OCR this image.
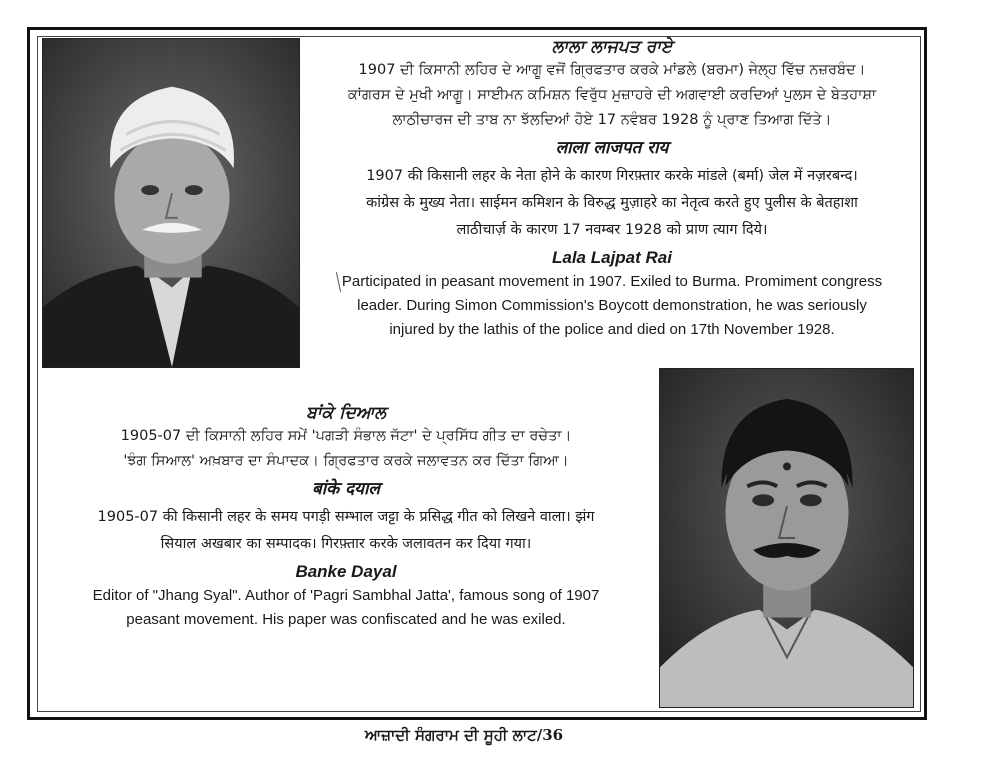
ਲਾਲਾ ਲਾਜਪਤ ਰਾਏ

1907 ਦੀ ਕਿਸਾਨੀ ਲਹਿਰ ਦੇ ਆਗੂ ਵਜੋਂ ਗ੍ਰਿਫਤਾਰ ਕਰਕੇ ਮਾਂਡਲੇ (ਬਰਮਾ) ਜੇਲ੍ਹ ਵਿੱਚ ਨਜ਼ਰਬੰਦ।

ਕਾਂਗਰਸ ਦੇ ਮੁਖੀ ਆਗੂ। ਸਾਈਮਨ ਕਮਿਸ਼ਨ ਵਿਰੁੱਧ ਮੁਜ਼ਾਹਰੇ ਦੀ ਅਗਵਾਈ ਕਰਦਿਆਂ ਪੁਲਸ ਦੇ ਬੇਤਹਾਸ਼ਾ

ਲਾਠੀਚਾਰਜ ਦੀ ਤਾਬ ਨਾ ਝੱਲਦਿਆਂ ਹੋਏ 17 ਨਵੰਬਰ 1928 ਨੂੰ ਪ੍ਰਾਣ ਤਿਆਗ ਦਿੱਤੇ।

लाला लाजपत राय

1907 की किसानी लहर के नेता होने के कारण गिरफ़्तार करके मांडले (बर्मा) जेल में नज़रबन्द।

कांग्रेस के मुख्य नेता। साईमन कमिशन के विरुद्ध मुज़ाहरे का नेतृत्व करते हुए पुलीस के बेतहाशा

लाठीचार्ज़ के कारण 17 नवम्बर 1928 को प्राण त्याग दिये।

Lala Lajpat Rai

Participated in peasant movement in 1907. Exiled to Burma. Promiment congress

leader. During Simon Commission's Boycott demonstration, he was seriously

injured by the lathis of the police and died on 17th November 1928.

ਬਾਂਕੇ ਦਿਆਲ

1905-07 ਦੀ ਕਿਸਾਨੀ ਲਹਿਰ ਸਮੇਂ 'ਪਗੜੀ ਸੰਭਾਲ ਜੱਟਾ' ਦੇ ਪ੍ਰਸਿੱਧ ਗੀਤ ਦਾ ਰਚੇਤਾ।

'ਝੰਗ ਸਿਆਲ' ਅਖ਼ਬਾਰ ਦਾ ਸੰਪਾਦਕ। ਗ੍ਰਿਫਤਾਰ ਕਰਕੇ ਜਲਾਵਤਨ ਕਰ ਦਿੱਤਾ ਗਿਆ।

बांके दयाल

1905-07 की किसानी लहर के समय पगड़ी सम्भाल जट्टा के प्रसिद्ध गीत को लिखने वाला। झंग

सियाल अखबार का सम्पादक। गिरफ़्तार करके जलावतन कर दिया गया।

Banke Dayal

Editor of "Jhang Syal". Author of 'Pagri Sambhal Jatta', famous song of 1907

peasant movement. His paper was confiscated and he was exiled.

ਆਜ਼ਾਦੀ ਸੰਗਰਾਮ ਦੀ ਸੂਹੀ ਲਾਟ/36
